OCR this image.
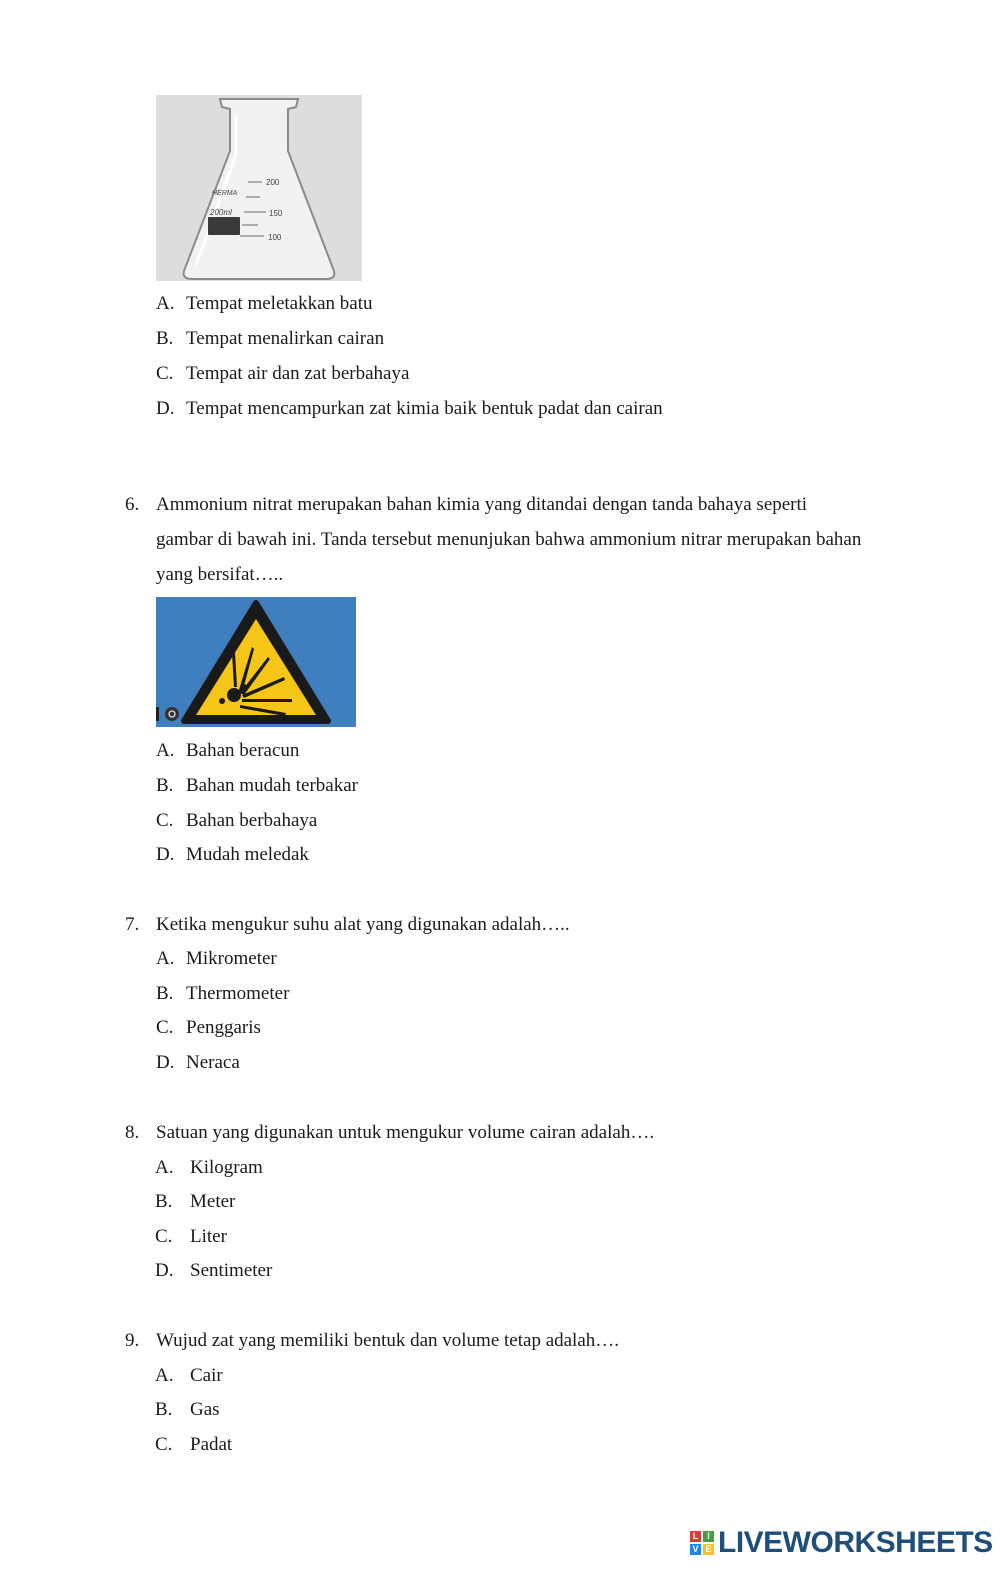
HERMA
200ml
200
150
100
A. Tempat meletakkan batu
B. Tempat menalirkan cairan
C. Tempat air dan zat berbahaya
D. Tempat mencampurkan zat kimia baik bentuk padat dan cairan
6. Ammonium nitrat merupakan bahan kimia yang ditandai dengan tanda bahaya seperti
gambar di bawah ini. Tanda tersebut menunjukan bahwa ammonium nitrar merupakan bahan
yang bersifat…..
A. Bahan beracun
B. Bahan mudah terbakar
C. Bahan berbahaya
D. Mudah meledak
7. Ketika mengukur suhu alat yang digunakan adalah…..
A. Mikrometer
B. Thermometer
C. Penggaris
D. Neraca
8. Satuan yang digunakan untuk mengukur volume cairan adalah….
A. Kilogram
B. Meter
C. Liter
D. Sentimeter
9. Wujud zat yang memiliki bentuk dan volume tetap adalah….
A. Cair
B. Gas
C. Padat
L I
V E LIVEWORKSHEETS
